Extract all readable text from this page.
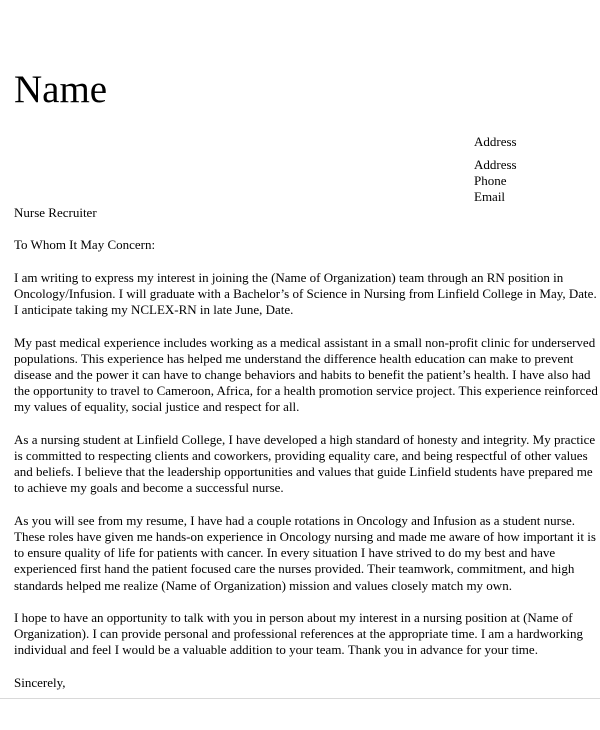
Name
Address
Address
Phone
Email

Nurse Recruiter

To Whom It May Concern:

I am writing to express my interest in joining the (Name of Organization) team through an RN position in
Oncology/Infusion. I will graduate with a Bachelor’s of Science in Nursing from Linfield College in May, Date.
I anticipate taking my NCLEX-RN in late June, Date.

My past medical experience includes working as a medical assistant in a small non-profit clinic for underserved
populations. This experience has helped me understand the difference health education can make to prevent
disease and the power it can have to change behaviors and habits to benefit the patient’s health. I have also had
the opportunity to travel to Cameroon, Africa, for a health promotion service project. This experience reinforced
my values of equality, social justice and respect for all.

As a nursing student at Linfield College, I have developed a high standard of honesty and integrity. My practice
is committed to respecting clients and coworkers, providing equality care, and being respectful of other values
and beliefs. I believe that the leadership opportunities and values that guide Linfield students have prepared me
to achieve my goals and become a successful nurse.

As you will see from my resume, I have had a couple rotations in Oncology and Infusion as a student nurse.
These roles have given me hands-on experience in Oncology nursing and made me aware of how important it is
to ensure quality of life for patients with cancer. In every situation I have strived to do my best and have
experienced first hand the patient focused care the nurses provided. Their teamwork, commitment, and high
standards helped me realize (Name of Organization) mission and values closely match my own.

I hope to have an opportunity to talk with you in person about my interest in a nursing position at (Name of
Organization). I can provide personal and professional references at the appropriate time. I am a hardworking
individual and feel I would be a valuable addition to your team. Thank you in advance for your time.

Sincerely,
